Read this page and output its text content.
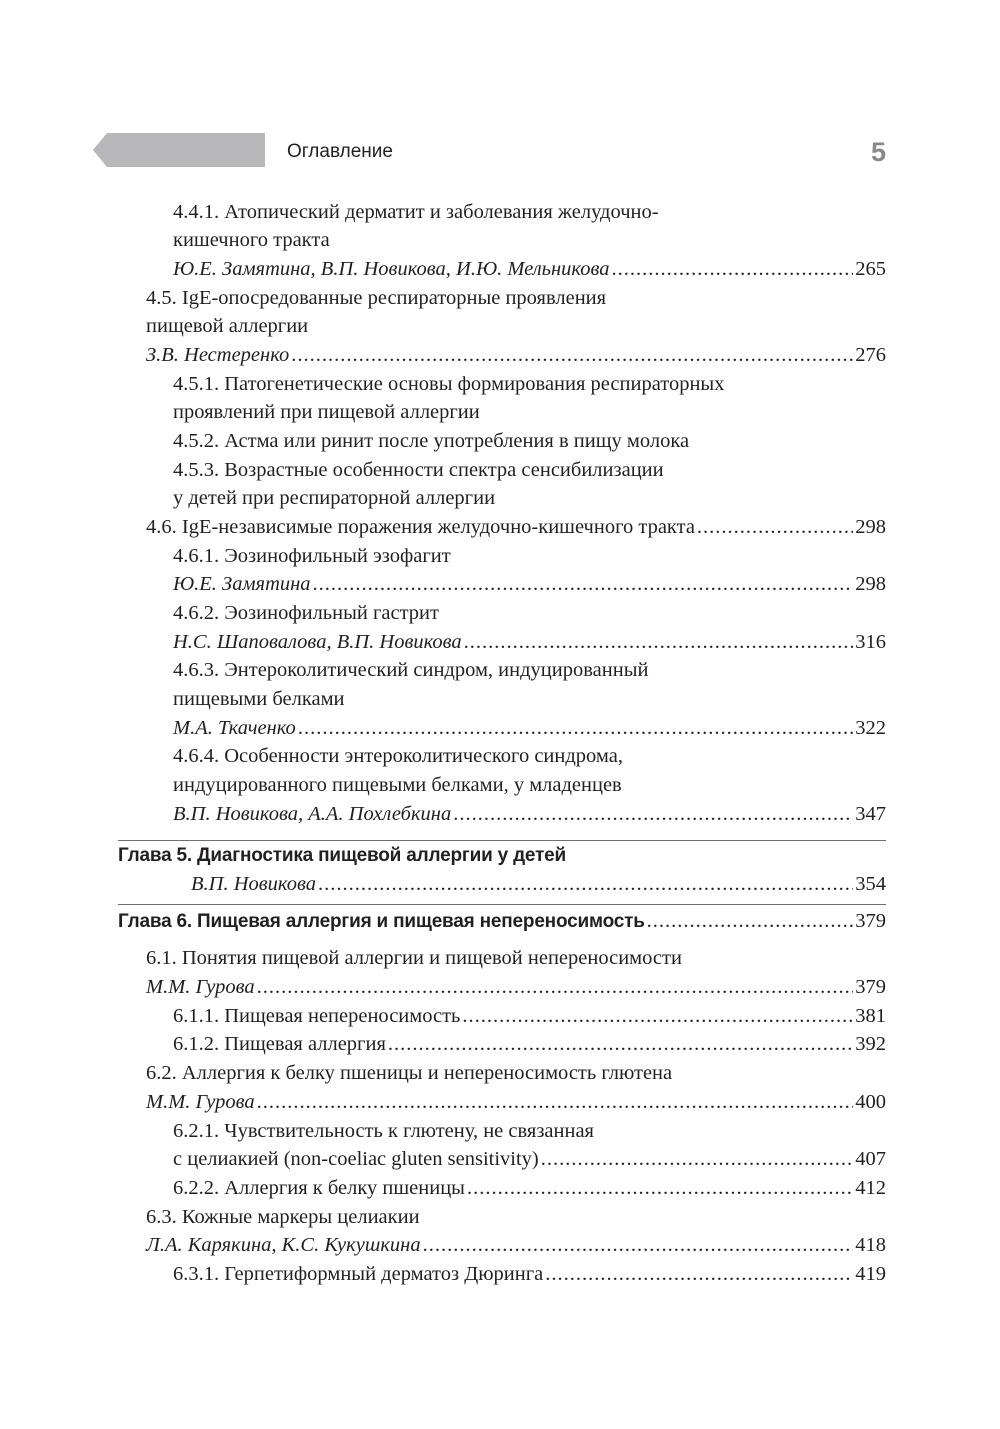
Оглавление	5
4.4.1. Атопический дерматит и заболевания желудочно-
кишечного тракта
Ю.Е. Замятина, В.П. Новикова, И.Ю. Мельникова .....	265
4.5. IgE-опосредованные респираторные проявления
пищевой аллергии
З.В. Нестеренко .....	276
4.5.1. Патогенетические основы формирования респираторных
проявлений при пищевой аллергии
4.5.2. Астма или ринит после употребления в пищу молока
4.5.3. Возрастные особенности спектра сенсибилизации
у детей при респираторной аллергии
4.6. IgE-независимые поражения желудочно-кишечного тракта .....	298
4.6.1. Эозинофильный эзофагит
Ю.Е. Замятина .....	298
4.6.2. Эозинофильный гастрит
Н.С. Шаповалова, В.П. Новикова .....	316
4.6.3. Энтероколитический синдром, индуцированный
пищевыми белками
М.А. Ткаченко .....	322
4.6.4. Особенности энтероколитического синдрома,
индуцированного пищевыми белками, у младенцев
В.П. Новикова, А.А. Похлебкина .....	347
Глава 5. Диагностика пищевой аллергии у детей
В.П. Новикова .....	354
Глава 6. Пищевая аллергия и пищевая непереносимость .....	379
6.1. Понятия пищевой аллергии и пищевой непереносимости
М.М. Гурова .....	379
6.1.1. Пищевая непереносимость .....	381
6.1.2. Пищевая аллергия .....	392
6.2. Аллергия к белку пшеницы и непереносимость глютена
М.М. Гурова .....	400
6.2.1. Чувствительность к глютену, не связанная
с целиакией (non-coeliac gluten sensitivity) .....	407
6.2.2. Аллергия к белку пшеницы .....	412
6.3. Кожные маркеры целиакии
Л.А. Карякина, К.С. Кукушкина .....	418
6.3.1. Герпетиформный дерматоз Дюринга .....	419
